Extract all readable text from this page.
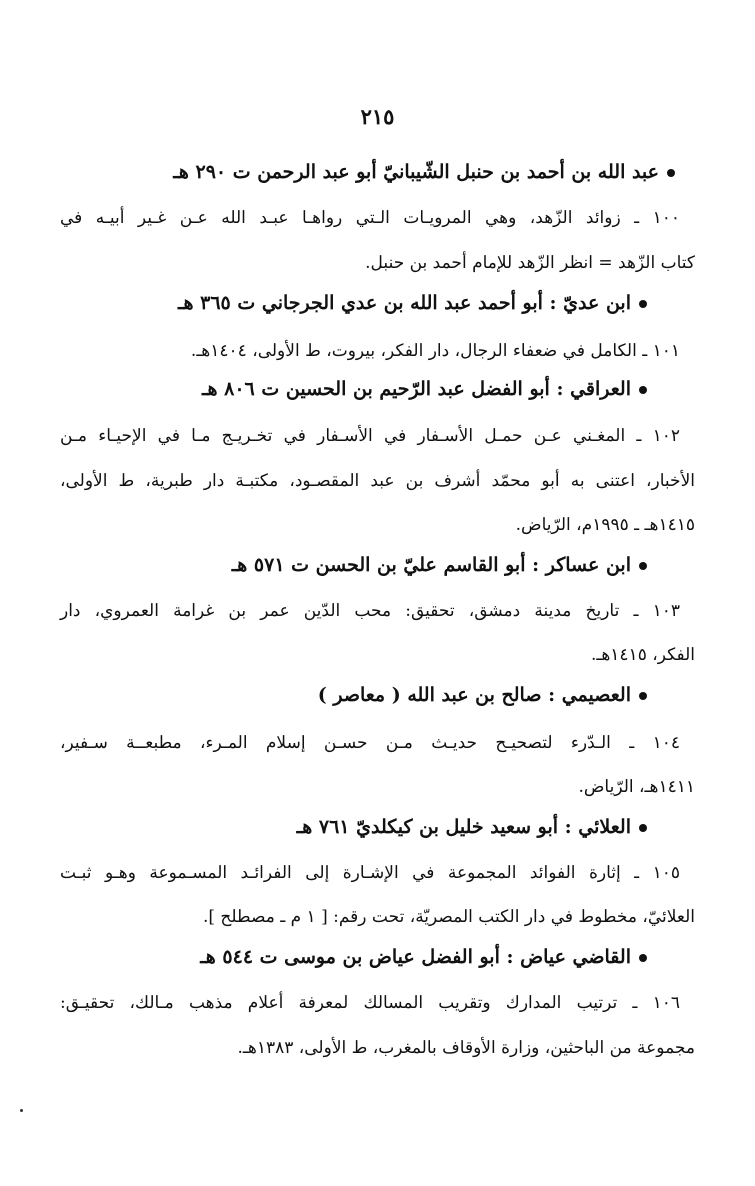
٢١٥
عبد الله بن أحمد بن حنبل الشّيبانيّ أبو عبد الرحمن ت ٢٩٠ هـ
١٠٠ ـ زوائد الزّهد، وهي المرويـات الـتي رواهـا عبـد الله عـن غـير أبيـه في
كتاب الزّهد = انظر الزّهد للإمام أحمد بن حنبل.
ابن عديّ : أبو أحمد عبد الله بن عدي الجرجاني ت ٣٦٥ هـ
١٠١ ـ الكامل في ضعفاء الرجال، دار الفكر، بيروت، ط الأولى، ١٤٠٤هـ.
العراقي : أبو الفضل عبد الرّحيم بن الحسين ت ٨٠٦ هـ
١٠٢ ـ المغـني عـن حمـل الأسـفار في الأسـفار في تخـريـج مـا في الإحيـاء مـن
الأخبار، اعتنى به أبو محمّد أشرف بن عبد المقصـود، مكتبـة دار طبرية، ط الأولى،
١٤١٥هـ ـ ١٩٩٥م، الرّياض.
ابن عساكر : أبو القاسم عليّ بن الحسن ت ٥٧١ هـ
١٠٣ ـ تاريخ مدينة دمشق، تحقيق: محب الدّين عمر بن غرامة العمروي، دار
الفكر، ١٤١٥هـ.
العصيمي : صالح بن عبد الله ( معاصر )
١٠٤ ـ الـدّرء لتصحيـح حديـث مـن حسـن إسلام المـرء، مطبعــة سـفير،
١٤١١هـ، الرّياض.
العلائي : أبو سعيد خليل بن كيكلديّ ٧٦١ هـ
١٠٥ ـ إثارة الفوائد المجموعة في الإشـارة إلى الفرائـد المسـموعة وهـو ثبـت
العلائيّ، مخطوط في دار الكتب المصريّة، تحت رقم: [ ١ م ـ مصطلح ].
القاضي عياض : أبو الفضل عياض بن موسى ت ٥٤٤ هـ
١٠٦ ـ ترتيب المدارك وتقريب المسالك لمعرفة أعلام مذهب مـالك، تحقيـق:
مجموعة من الباحثين، وزارة الأوقاف بالمغرب، ط الأولى، ١٣٨٣هـ.
